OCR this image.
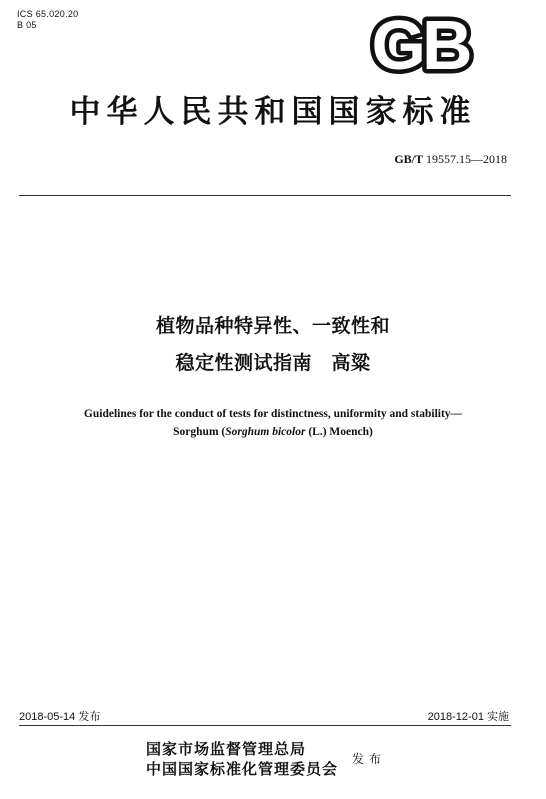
ICS 65.020.20
B 05	GB
中华人民共和国国家标准
GB/T 19557.15—2018
植物品种特异性、一致性和
稳定性测试指南　高粱
Guidelines for the conduct of tests for distinctness, uniformity and stability—
Sorghum (Sorghum bicolor (L.) Moench)
2018-05-14 发布	2018-12-01 实施
国家市场监督管理总局
中国国家标准化管理委员会
发布
